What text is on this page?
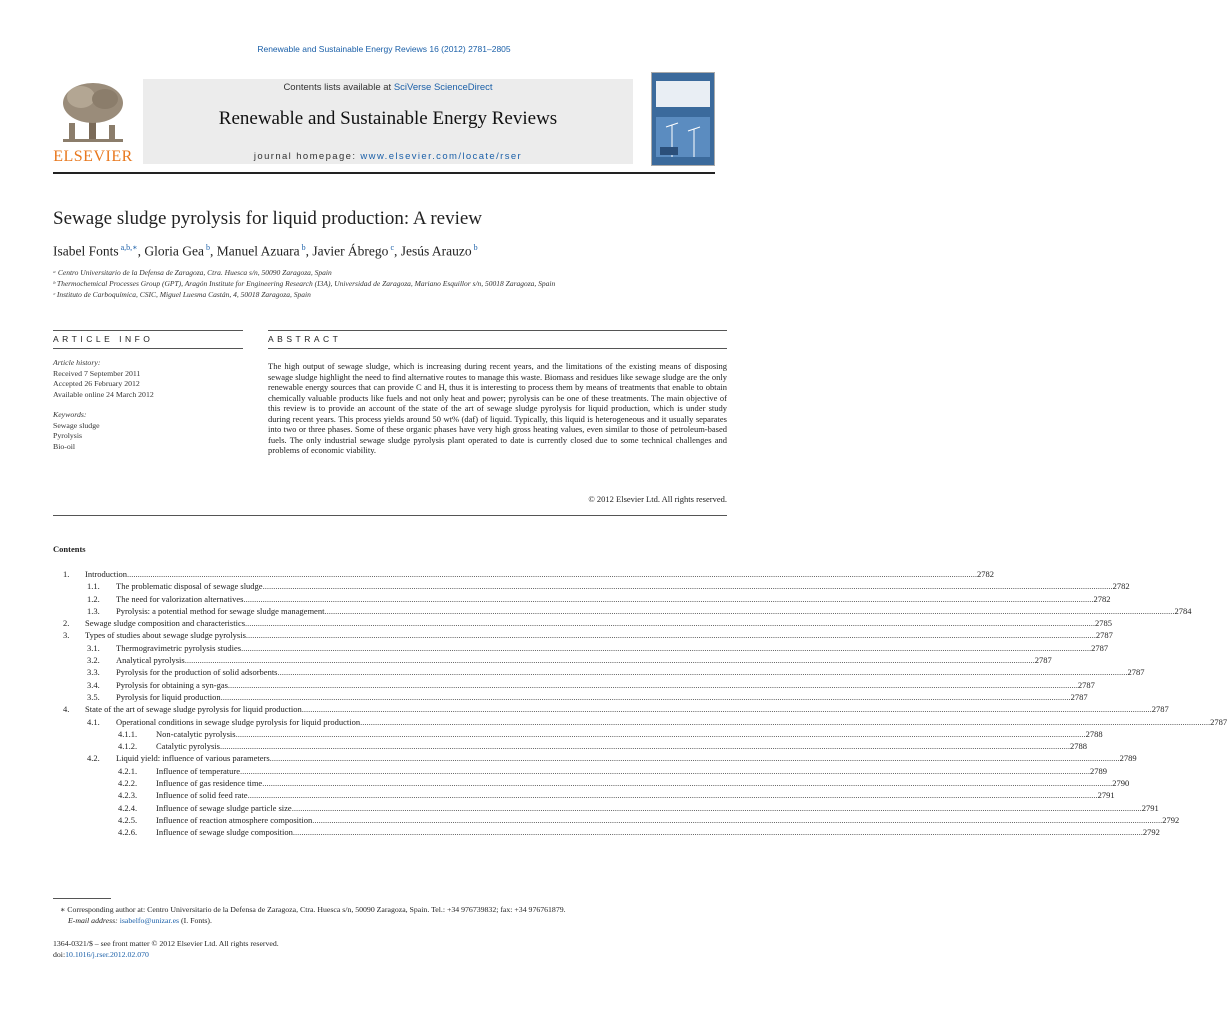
Renewable and Sustainable Energy Reviews 16 (2012) 2781–2805
ELSEVIER
Contents lists available at SciVerse ScienceDirect
Renewable and Sustainable Energy Reviews
journal homepage: www.elsevier.com/locate/rser
Sewage sludge pyrolysis for liquid production: A review
Isabel Fonts $^{a,b,∗}$, Gloria Gea $^b$, Manuel Azuara $^b$, Javier Ábrego $^c$, Jesús Arauzo $^b$
ᵃ Centro Universitario de la Defensa de Zaragoza, Ctra. Huesca s/n, 50090 Zaragoza, Spain
ᵇ Thermochemical Processes Group (GPT), Aragón Institute for Engineering Research (I3A), Universidad de Zaragoza, Mariano Esquillor s/n, 50018 Zaragoza, Spain
ᶜ Instituto de Carboquímica, CSIC, Miguel Luesma Castán, 4, 50018 Zaragoza, Spain
ARTICLE INFO	ABSTRACT
Article history:
Received 7 September 2011
Accepted 26 February 2012
Available online 24 March 2012
Keywords:
Sewage sludge
Pyrolysis
Bio-oil
The high output of sewage sludge, which is increasing during recent years, and the limitations of the existing means of disposing sewage sludge highlight the need to find alternative routes to manage this waste. Biomass and residues like sewage sludge are the only renewable energy sources that can provide C and H, thus it is interesting to process them by means of treatments that enable to obtain chemically valuable products like fuels and not only heat and power; pyrolysis can be one of these treatments. The main objective of this review is to provide an account of the state of the art of sewage sludge pyrolysis for liquid production, which is under study during recent years. This process yields around 50 wt% (daf) of liquid. Typically, this liquid is heterogeneous and it usually separates into two or three phases. Some of these organic phases have very high gross heating values, even similar to those of petroleum-based fuels. The only industrial sewage sludge pyrolysis plant operated to date is currently closed due to some technical challenges and problems of economic viability.
© 2012 Elsevier Ltd. All rights reserved.
Contents
1. Introduction ................................................................................................................................................................................................................................................................................................................................................................................................................ 2782
1.1. The problematic disposal of sewage sludge ................................................................................................................................................................................................................................................................................................................................................................................................................ 2782
1.2. The need for valorization alternatives ................................................................................................................................................................................................................................................................................................................................................................................................................ 2782
1.3. Pyrolysis: a potential method for sewage sludge management ................................................................................................................................................................................................................................................................................................................................................................................................................ 2784
2. Sewage sludge composition and characteristics ................................................................................................................................................................................................................................................................................................................................................................................................................ 2785
3. Types of studies about sewage sludge pyrolysis ................................................................................................................................................................................................................................................................................................................................................................................................................ 2787
3.1. Thermogravimetric pyrolysis studies ................................................................................................................................................................................................................................................................................................................................................................................................................ 2787
3.2. Analytical pyrolysis ................................................................................................................................................................................................................................................................................................................................................................................................................ 2787
3.3. Pyrolysis for the production of solid adsorbents ................................................................................................................................................................................................................................................................................................................................................................................................................ 2787
3.4. Pyrolysis for obtaining a syn-gas ................................................................................................................................................................................................................................................................................................................................................................................................................ 2787
3.5. Pyrolysis for liquid production ................................................................................................................................................................................................................................................................................................................................................................................................................ 2787
4. State of the art of sewage sludge pyrolysis for liquid production ................................................................................................................................................................................................................................................................................................................................................................................................................ 2787
4.1. Operational conditions in sewage sludge pyrolysis for liquid production ................................................................................................................................................................................................................................................................................................................................................................................................................ 2787
4.1.1. Non-catalytic pyrolysis ................................................................................................................................................................................................................................................................................................................................................................................................................ 2788
4.1.2. Catalytic pyrolysis ................................................................................................................................................................................................................................................................................................................................................................................................................ 2788
4.2. Liquid yield: influence of various parameters ................................................................................................................................................................................................................................................................................................................................................................................................................ 2789
4.2.1. Influence of temperature ................................................................................................................................................................................................................................................................................................................................................................................................................ 2789
4.2.2. Influence of gas residence time ................................................................................................................................................................................................................................................................................................................................................................................................................ 2790
4.2.3. Influence of solid feed rate ................................................................................................................................................................................................................................................................................................................................................................................................................ 2791
4.2.4. Influence of sewage sludge particle size ................................................................................................................................................................................................................................................................................................................................................................................................................ 2791
4.2.5. Influence of reaction atmosphere composition ................................................................................................................................................................................................................................................................................................................................................................................................................ 2792
4.2.6. Influence of sewage sludge composition ................................................................................................................................................................................................................................................................................................................................................................................................................ 2792
∗ Corresponding author at: Centro Universitario de la Defensa de Zaragoza, Ctra. Huesca s/n, 50090 Zaragoza, Spain. Tel.: +34 976739832; fax: +34 976761879.
E-mail address: isabelfo@unizar.es (I. Fonts).
1364-0321/$ – see front matter © 2012 Elsevier Ltd. All rights reserved.
doi:10.1016/j.rser.2012.02.070
